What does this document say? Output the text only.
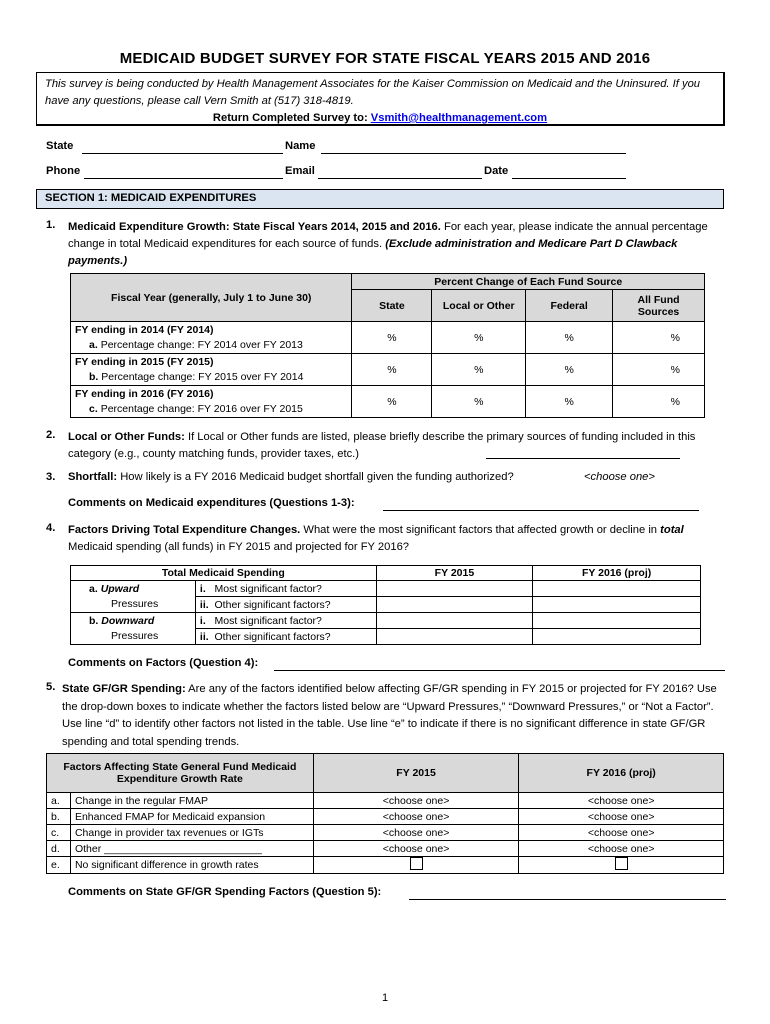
MEDICAID BUDGET SURVEY FOR STATE FISCAL YEARS 2015 AND 2016
This survey is being conducted by Health Management Associates for the Kaiser Commission on Medicaid and the Uninsured. If you have any questions, please call Vern Smith at (517) 318-4819.
Return Completed Survey to: Vsmith@healthmanagement.com
State	Name
Phone	Email	Date
SECTION 1: MEDICAID EXPENDITURES
1. Medicaid Expenditure Growth: State Fiscal Years 2014, 2015 and 2016. For each year, please indicate the annual percentage change in total Medicaid expenditures for each source of funds. (Exclude administration and Medicare Part D Clawback payments.)
Fiscal Year (generally, July 1 to June 30)	Percent Change of Each Fund Source			
	State	Local or Other	Federal	All Fund Sources

FY ending in 2014 (FY 2014)
a. Percentage change: FY 2014 over FY 2013	%	%	%	%

FY ending in 2015 (FY 2015)
b. Percentage change: FY 2015 over FY 2014	%	%	%	%

FY ending in 2016 (FY 2016)
c. Percentage change: FY 2016 over FY 2015	%	%	%	%
2. Local or Other Funds: If Local or Other funds are listed, please briefly describe the primary sources of funding included in this category (e.g., county matching funds, provider taxes, etc.)
3. Shortfall: How likely is a FY 2016 Medicaid budget shortfall given the funding authorized?	<choose one>
Comments on Medicaid expenditures (Questions 1-3):
4. Factors Driving Total Expenditure Changes. What were the most significant factors that affected growth or decline in total Medicaid spending (all funds) in FY 2015 and projected for FY 2016?
Total Medicaid Spending		FY 2015	FY 2016 (proj)
a. Upward	i. Most significant factor?		
Pressures	ii. Other significant factors?		
b. Downward	i. Most significant factor?		
Pressures	ii. Other significant factors?		
Comments on Factors (Question 4):
5. State GF/GR Spending: Are any of the factors identified below affecting GF/GR spending in FY 2015 or projected for FY 2016? Use the drop-down boxes to indicate whether the factors listed below are “Upward Pressures,” “Downward Pressures,” or “Not a Factor”. Use line “d” to identify other factors not listed in the table. Use line “e” to indicate if there is no significant difference in state GF/GR spending and total spending trends.
Factors Affecting State General Fund Medicaid Expenditure Growth Rate		FY 2015	FY 2016 (proj)
a.	Change in the regular FMAP	<choose one>	<choose one>
b.	Enhanced FMAP for Medicaid expansion	<choose one>	<choose one>
c.	Change in provider tax revenues or IGTs	<choose one>	<choose one>
d.	Other ___________________________	<choose one>	<choose one>
e.	No significant difference in growth rates		
Comments on State GF/GR Spending Factors (Question 5):
1
